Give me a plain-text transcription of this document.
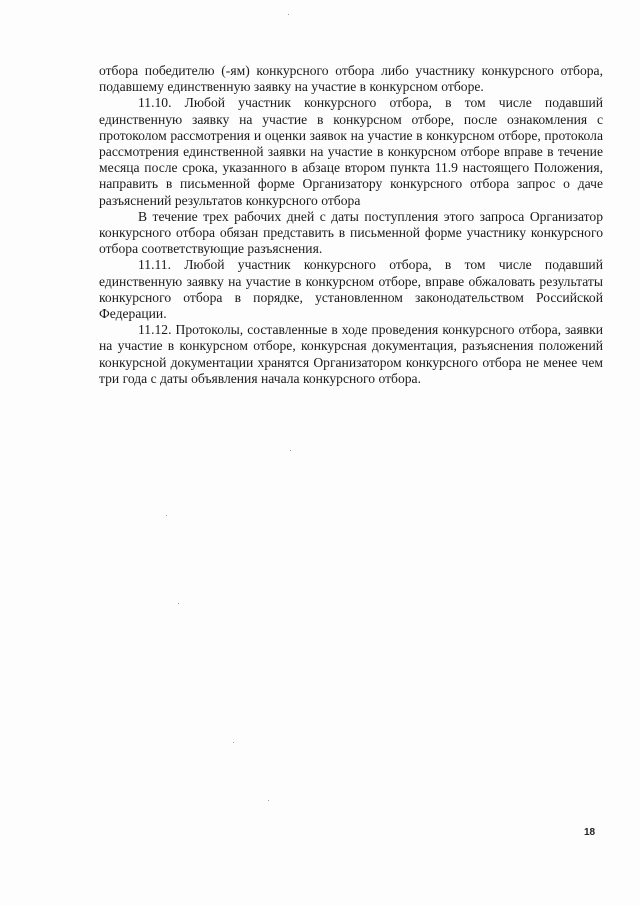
отбора победителю (-ям) конкурсного отбора либо участнику конкурсного отбора, подавшему единственную заявку на участие в конкурсном отборе.

11.10. Любой участник конкурсного отбора, в том числе подавший единственную заявку на участие в конкурсном отборе, после ознакомления с протоколом рассмотрения и оценки заявок на участие в конкурсном отборе, протокола рассмотрения единственной заявки на участие в конкурсном отборе вправе в течение месяца после срока, указанного в абзаце втором пункта 11.9 настоящего Положения, направить в письменной форме Организатору конкурсного отбора запрос о даче разъяснений результатов конкурсного отбора

В течение трех рабочих дней с даты поступления этого запроса Организатор конкурсного отбора обязан представить в письменной форме участнику конкурсного отбора соответствующие разъяснения.

11.11. Любой участник конкурсного отбора, в том числе подавший единственную заявку на участие в конкурсном отборе, вправе обжаловать результаты конкурсного отбора в порядке, установленном законодательством Российской Федерации.

11.12. Протоколы, составленные в ходе проведения конкурсного отбора, заявки на участие в конкурсном отборе, конкурсная документация, разъяснения положений конкурсной документации хранятся Организатором конкурсного отбора не менее чем три года с даты объявления начала конкурсного отбора.

18
